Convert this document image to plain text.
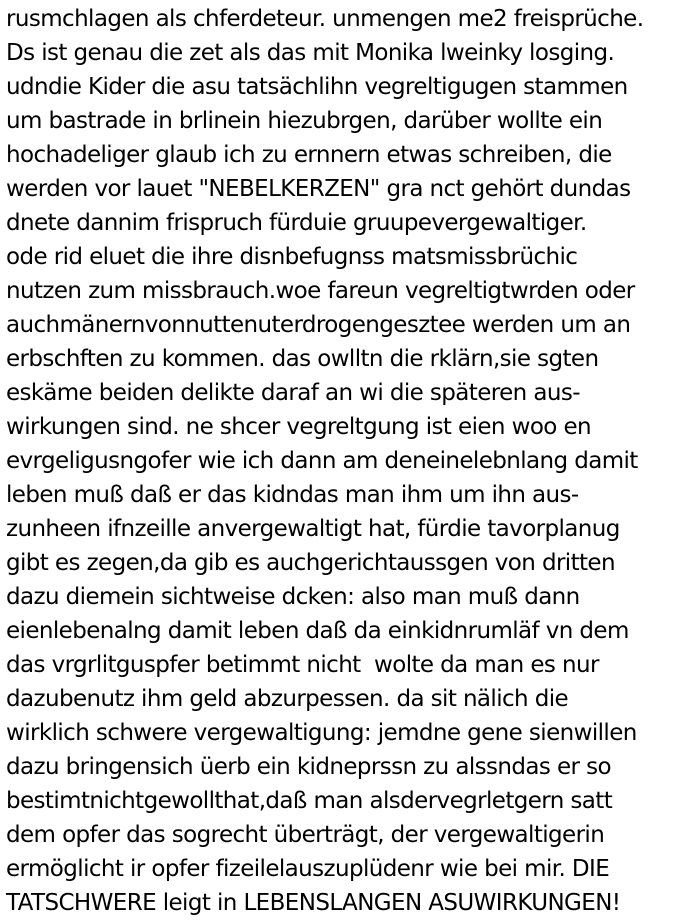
rusmchlagen als chferdeteur. unmengen me2 freisprüche.
Ds ist genau die zet als das mit Monika lweinky losging.
udndie Kider die asu tatsächlihn vegreltigugen stammen
um bastrade in brlinein hiezubrgen, darüber wollte ein
hochadeliger glaub ich zu ernnern etwas schreiben, die
werden vor lauet "NEBELKERZEN" gra nct gehört dundas
dnete dannim frispruch fürduie gruupevergewaltiger.
ode rid eluet die ihre disnbefugnss matsmissbrüchic
nutzen zum missbrauch.woe fareun vegreltigtwrden oder
auchmänernvonnuttenuterdrogengesztee werden um an
erbschften zu kommen. das owlltn die rklärn,sie sgten
eskäme beiden delikte daraf an wi die späteren aus-
wirkungen sind. ne shcer vegreltgung ist eien woo en
evrgeligusngofer wie ich dann am deneinelebnlang damit
leben muß daß er das kidndas man ihm um ihn aus-
zunheen ifnzeille anvergewaltigt hat, fürdie tavorplanug
gibt es zegen,da gib es auchgerichtaussgen von dritten
dazu diemein sichtweise dcken: also man muß dann
eienlebenalng damit leben daß da einkidnrumläf vn dem
das vrgrlitguspfer betimmt nicht  wolte da man es nur
dazubenutz ihm geld abzurpessen. da sit nälich die
wirklich schwere vergewaltigung: jemdne gene sienwillen
dazu bringensich üerb ein kidneprssn zu alssndas er so
bestimtnichtgewollthat,daß man alsdervegrletgern satt
dem opfer das sogrecht überträgt, der vergewaltigerin
ermöglicht ir opfer fizeilelauszuplüdenr wie bei mir. DIE
TATSCHWERE leigt in LEBENSLANGEN ASUWIRKUNGEN!
